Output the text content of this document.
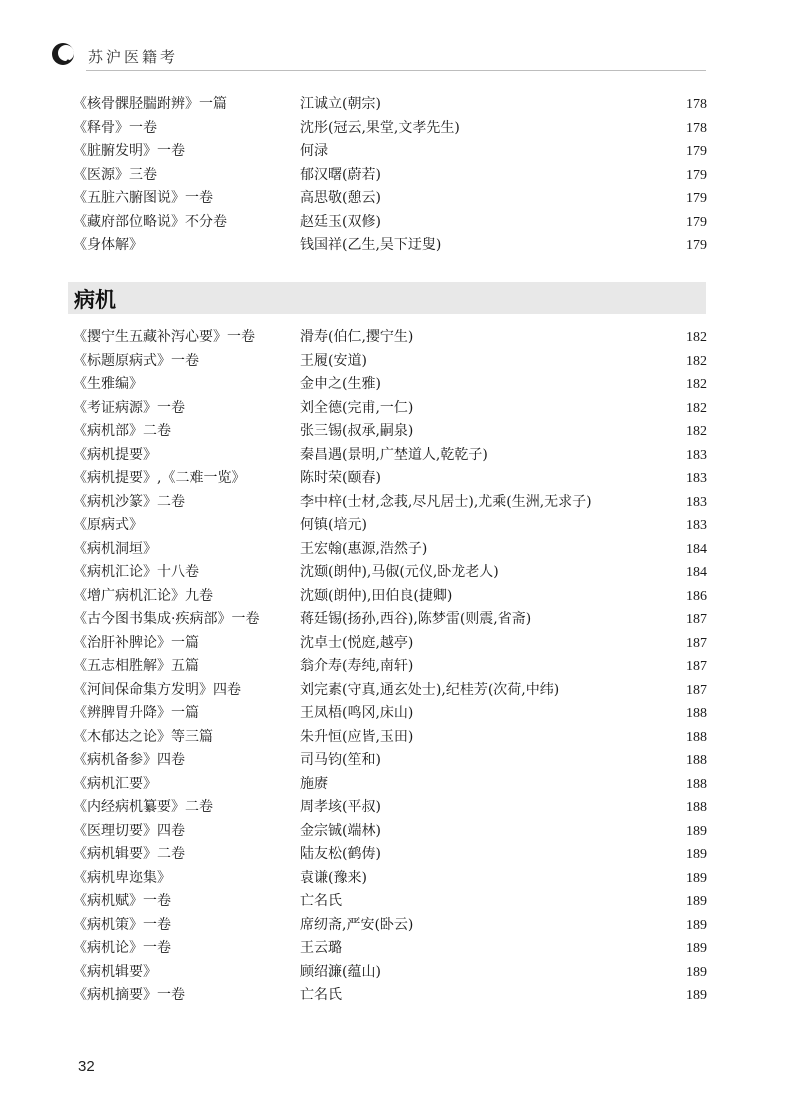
苏沪医籍考
《核骨髁胫腨跗辨》一篇	江诚立(朝宗)	178
《释骨》一卷	沈彤(冠云,果堂,文孝先生)	178
《脏腑发明》一卷	何渌	179
《医源》三卷	郁汉曙(蔚若)	179
《五脏六腑图说》一卷	高思敬(憩云)	179
《藏府部位略说》不分卷	赵廷玉(双修)	179
《身体解》	钱国祥(乙生,吴下迂叟)	179
病机
《撄宁生五藏补泻心要》一卷	滑寿(伯仁,撄宁生)	182
《标题原病式》一卷	王履(安道)	182
《生雅编》	金申之(生雅)	182
《考证病源》一卷	刘全德(完甫,一仁)	182
《病机部》二卷	张三锡(叔承,嗣泉)	182
《病机提要》	秦昌遇(景明,广埜道人,乾乾子)	183
《病机提要》,《二难一览》	陈时荣(颐春)	183
《病机沙篆》二卷	李中梓(士材,念莪,尽凡居士),尤乘(生洲,无求子)	183
《原病式》	何镇(培元)	183
《病机洞垣》	王宏翰(惠源,浩然子)	184
《病机汇论》十八卷	沈颋(朗仲),马俶(元仪,卧龙老人)	184
《增广病机汇论》九卷	沈颋(朗仲),田伯良(捷卿)	186
《古今图书集成·疾病部》一卷	蒋廷锡(扬孙,西谷),陈梦雷(则震,省斋)	187
《治肝补脾论》一篇	沈卓士(悦庭,越亭)	187
《五志相胜解》五篇	翁介寿(寿纯,南轩)	187
《河间保命集方发明》四卷	刘完素(守真,通玄处士),纪桂芳(次荷,中纬)	187
《辨脾胃升降》一篇	王凤梧(鸣冈,床山)	188
《木郁达之论》等三篇	朱升恒(应皆,玉田)	188
《病机备参》四卷	司马钧(笙和)	188
《病机汇要》	施赓	188
《内经病机纂要》二卷	周孝垓(平叔)	188
《医理切要》四卷	金宗铖(端林)	189
《病机辑要》二卷	陆友松(鹤俦)	189
《病机卑迩集》	袁谦(豫来)	189
《病机赋》一卷	亡名氏	189
《病机策》一卷	席纫斋,严安(卧云)	189
《病机论》一卷	王云璐	189
《病机辑要》	顾绍濂(蕴山)	189
《病机摘要》一卷	亡名氏	189
32
